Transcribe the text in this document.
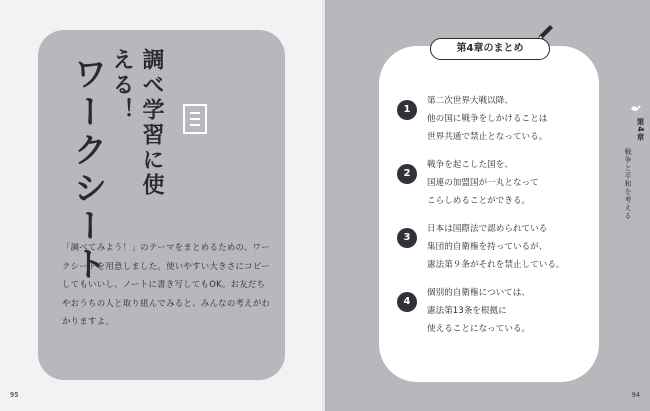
ワークシート	調べ学習に使える！

「調べてみよう！」のテーマをまとめるための、ワークシートを用意しました。使いやすい大きさにコピーしてもいいし、ノートに書き写してもOK。お友だちやおうちの人と取り組んでみると、みんなの考えがわかりますよ。

95
第4章のまとめ
1

第二次世界大戦以降、
他の国に戦争をしかけることは
世界共通で禁止となっている。

2

戦争を起こした国を、
国連の加盟国が一丸となって
こらしめることができる。

3

日本は国際法で認められている
集団的自衛権を持っているが、
憲法第９条がそれを禁止している。

4

個別的自衛権については、
憲法第13条を根拠に
使えることになっている。

第4章
戦争と平和を考える
94
